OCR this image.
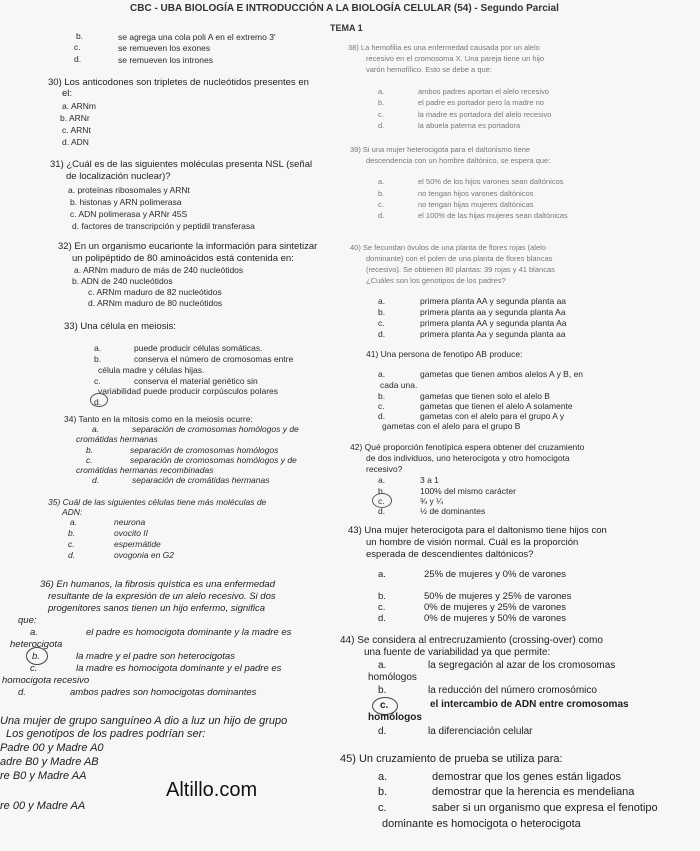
CBC - UBA BIOLOGÍA E INTRODUCCIÓN A LA BIOLOGÍA CELULAR (54) - Segundo Parcial
TEMA 1
b.	se agrega una cola poli A en el extremo 3'
c.	se remueven los exones
d.	se remueven los intrones
30) Los anticodones son tripletes de nucleótidos presentes en
el:
a. ARNm
b. ARNr
c. ARNt
d. ADN
31) ¿Cuál es de las siguientes moléculas presenta NSL (señal
de localización nuclear)?
a. proteínas ribosomales y ARNt
b. histonas y ARN polimerasa
c. ADN polimerasa y ARNr 45S
d. factores de transcripción y peptidil transferasa
32) En un organismo eucarionte la información para sintetizar
un polipéptido de 80 aminoácidos está contenida en:
a. ARNm maduro de más de 240 nucleótidos
b. ADN de 240 nucleótidos
c. ARNm maduro de 82 nucleótidos
d. ARNm maduro de 80 nucleótidos
33) Una célula en meiosis:
a.	puede producir células somáticas.
b.	conserva el número de cromosomas entre
célula madre y células hijas.
c.	conserva el material genético sin
variabilidad puede producir corpúsculos polares
d.
34) Tanto en la mitosis como en la meiosis ocurre:
a.	separación de cromosomas homólogos y de
cromátidas hermanas
b.	separación de cromosomas homólogos
c.	separación de cromosomas homólogos y de
cromátidas hermanas recombinadas
d.	separación de cromátidas hermanas
35) Cuál de las siguientes células tiene más moléculas de
ADN:
a.	neurona
b.	ovocito II
c.	espermátide
d.	ovogonia en G2
36) En humanos, la fibrosis quística es una enfermedad
resultante de la expresión de un alelo recesivo. Si dos
progenitores sanos tienen un hijo enfermo, significa
que:
a.	el padre es homocigota dominante y la madre es
heterocigota
b.	la madre y el padre son heterocigotas
c.	la madre es homocigota dominante y el padre es
homocigota recesivo
d.	ambos padres son homocigotas dominantes
Una mujer de grupo sanguíneo A dio a luz un hijo de grupo
Los genotipos de los padres podrían ser:
Padre 00 y Madre A0
adre B0 y Madre AB
re B0 y Madre AA
re 00 y Madre AA
Altillo.com
38) La hemofilia es una enfermedad causada por un alelo
recesivo en el cromosoma X. Una pareja tiene un hijo
varón hemofílico. Esto se debe a que:
a.	ambos padres aportan el alelo recesivo
b.	el padre es portador pero la madre no
c.	la madre es portadora del alelo recesivo
d.	la abuela paterna es portadora
39) Si una mujer heterocigota para el daltonismo tiene
descendencia con un hombre daltónico, se espera que:
a.	el 50% de los hijos varones sean daltónicos
b.	no tengan hijos varones daltónicos
c.	no tengan hijas mujeres daltónicas
d.	el 100% de las hijas mujeres sean daltónicas
40) Se fecundan óvulos de una planta de flores rojas (alelo
dominante) con el polen de una planta de flores blancas
(recesivo). Se obtienen 80 plantas: 39 rojas y 41 blancas
¿Cuáles son los genotipos de los padres?
a.	primera planta AA y segunda planta aa
b.	primera planta aa y segunda planta Aa
c.	primera planta AA y segunda planta Aa
d.	primera planta Aa y segunda planta aa
41) Una persona de fenotipo AB produce:
a.	gametas que tienen ambos alelos A y B, en
cada una.
b.	gametas que tienen solo el alelo B
c.	gametas que tienen el alelo A solamente
d.	gametas con el alelo para el grupo A y
gametas con el alelo para el grupo B
42) Qué proporción fenotípica espera obtener del cruzamiento
de dos individuos, uno heterocigota y otro homocigota
recesivo?
a.	3 a 1
b.	100% del mismo carácter
c.	¾ y ¼
d.	½ de dominantes
43) Una mujer heterocigota para el daltonismo tiene hijos con
un hombre de visión normal. Cuál es la proporción
esperada de descendientes daltónicos?
a.	25% de mujeres y 0% de varones
b.	50% de mujeres y 25% de varones
c.	0% de mujeres y 25% de varones
d.	0% de mujeres y 50% de varones
44) Se considera al entrecruzamiento (crossing-over) como
una fuente de variabilidad ya que permite:
a.	la segregación al azar de los cromosomas
homólogos
b.	la reducción del número cromosómico
c.	el intercambio de ADN entre cromosomas
homólogos
d.	la diferenciación celular
45) Un cruzamiento de prueba se utiliza para:
a.	demostrar que los genes están ligados
b.	demostrar que la herencia es mendeliana
c.	saber si un organismo que expresa el fenotipo
dominante es homocigota o heterocigota
